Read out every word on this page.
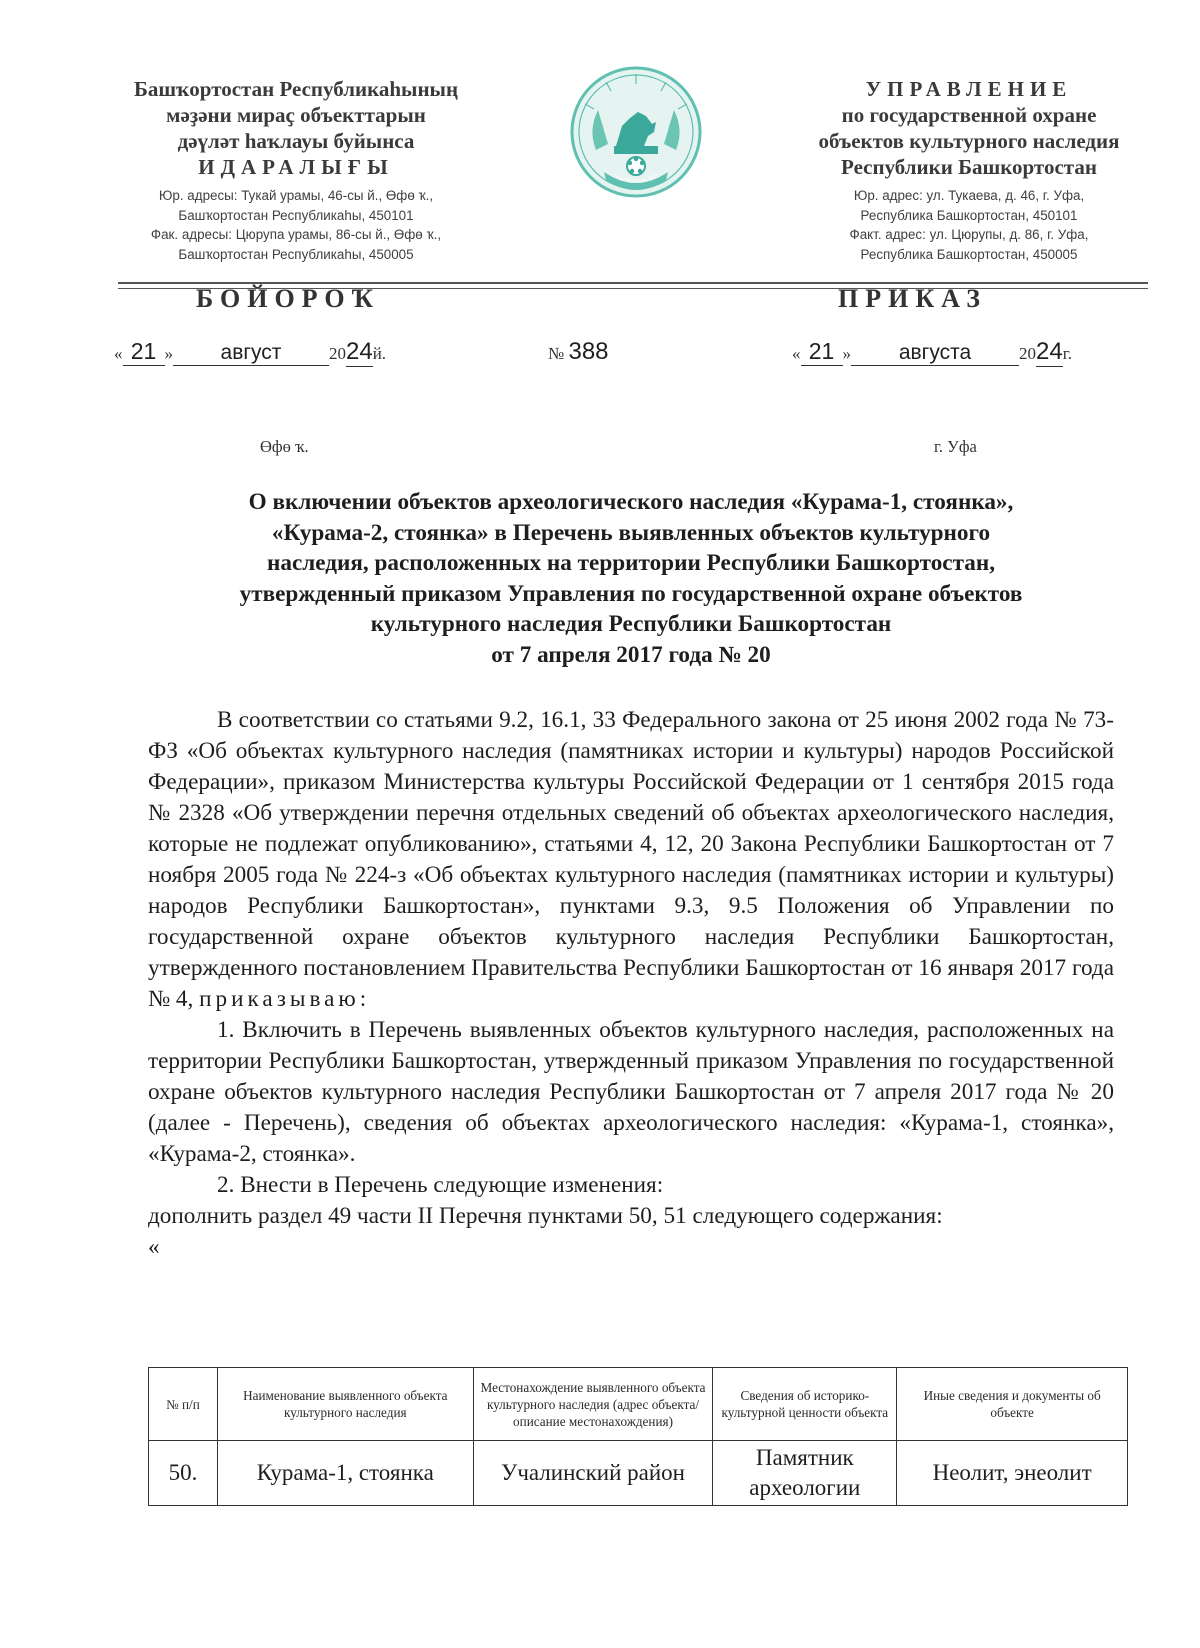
Башҡортостан Республикаһының
мәҙәни мираҫ объекттарын
дәүләт һаҡлауы буйынса
ИДАРАЛЫҒЫ
Юр. адресы: Тукай урамы, 46-сы й., Өфө ҡ.,
Башҡортостан Республикаһы, 450101
Фак. адресы: Цюрупа урамы, 86-сы й., Өфө ҡ.,
Башҡортостан Республикаһы, 450005
УПРАВЛЕНИЕ
по государственной охране
объектов культурного наследия
Республики Башкортостан
Юр. адрес: ул. Тукаева, д. 46, г. Уфа,
Республика Башкортостан, 450101
Факт. адрес: ул. Цюрупы, д. 86, г. Уфа,
Республика Башкортостан, 450005
БАШҠОРТОСТАН
БОЙОРОҠ	ПРИКАЗ
« 21 » август	2024й.	№ 388	« 21 » августа	2024г.
Өфө ҡ.	г. Уфа
О включении объектов археологического наследия «Курама-1, стоянка»,
«Курама-2, стоянка» в Перечень выявленных объектов культурного
наследия, расположенных на территории Республики Башкортостан,
утвержденный приказом Управления по государственной охране объектов
культурного наследия Республики Башкортостан
от 7 апреля 2017 года № 20

В соответствии со статьями 9.2, 16.1, 33 Федерального закона от 25 июня 2002 года № 73-ФЗ «Об объектах культурного наследия (памятниках истории и культуры) народов Российской Федерации», приказом Министерства культуры Российской Федерации от 1 сентября 2015 года № 2328 «Об утверждении перечня отдельных сведений об объектах археологического наследия, которые не подлежат опубликованию», статьями 4, 12, 20 Закона Республики Башкортостан от 7 ноября 2005 года № 224-з «Об объектах культурного наследия (памятниках истории и культуры) народов Республики Башкортостан», пунктами 9.3, 9.5 Положения об Управлении по государственной охране объектов культурного наследия Республики Башкортостан, утвержденного постановлением Правительства Республики Башкортостан от 16 января 2017 года № 4, приказываю:

1. Включить в Перечень выявленных объектов культурного наследия, расположенных на территории Республики Башкортостан, утвержденный приказом Управления по государственной охране объектов культурного наследия Республики Башкортостан от 7 апреля 2017 года № 20 (далее - Перечень), сведения об объектах археологического наследия: «Курама-1, стоянка», «Курама-2, стоянка».

2. Внести в Перечень следующие изменения:

дополнить раздел 49 части II Перечня пунктами 50, 51 следующего содержания:

«

№ п/п	Наименование выявленного объекта культурного наследия	Местонахождение выявленного объекта культурного наследия (адрес объекта/описание местонахождения)	Сведения об историко-культурной ценности объекта	Иные сведения и документы об объекте
50.	Курама-1, стоянка	Учалинский район	Памятник археологии	Неолит, энеолит
